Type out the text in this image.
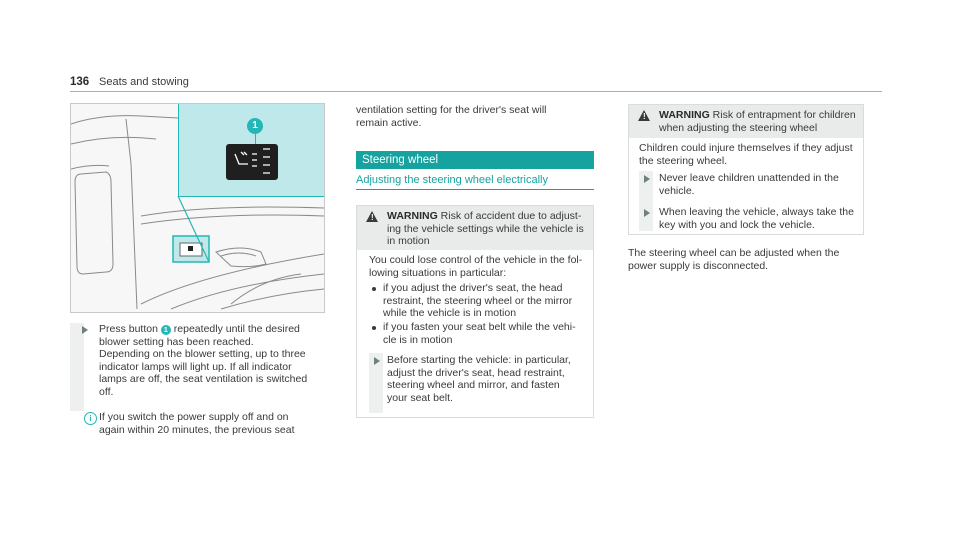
136 Seats and stowing
1

Press button 1 repeatedly until the desired

blower setting has been reached.

Depending on the blower setting, up to three

indicator lamps will light up. If all indicator

lamps are off, the seat ventilation is switched

off.

i If you switch the power supply off and on

again within 20 minutes, the previous seat

ventilation setting for the driver's seat will

remain active.

Steering wheel
Adjusting the steering wheel electrically
! WARNING Risk of accident due to adjust-

ing the vehicle settings while the vehicle is

in motion

You could lose control of the vehicle in the fol-

lowing situations in particular:

if you adjust the driver's seat, the head

restraint, the steering wheel or the mirror

while the vehicle is in motion

if you fasten your seat belt while the vehi-

cle is in motion

Before starting the vehicle: in particular,

adjust the driver's seat, head restraint,

steering wheel and mirror, and fasten

your seat belt.

! WARNING Risk of entrapment for children

when adjusting the steering wheel

Children could injure themselves if they adjust

the steering wheel.

Never leave children unattended in the

vehicle.

When leaving the vehicle, always take the

key with you and lock the vehicle.

The steering wheel can be adjusted when the

power supply is disconnected.
